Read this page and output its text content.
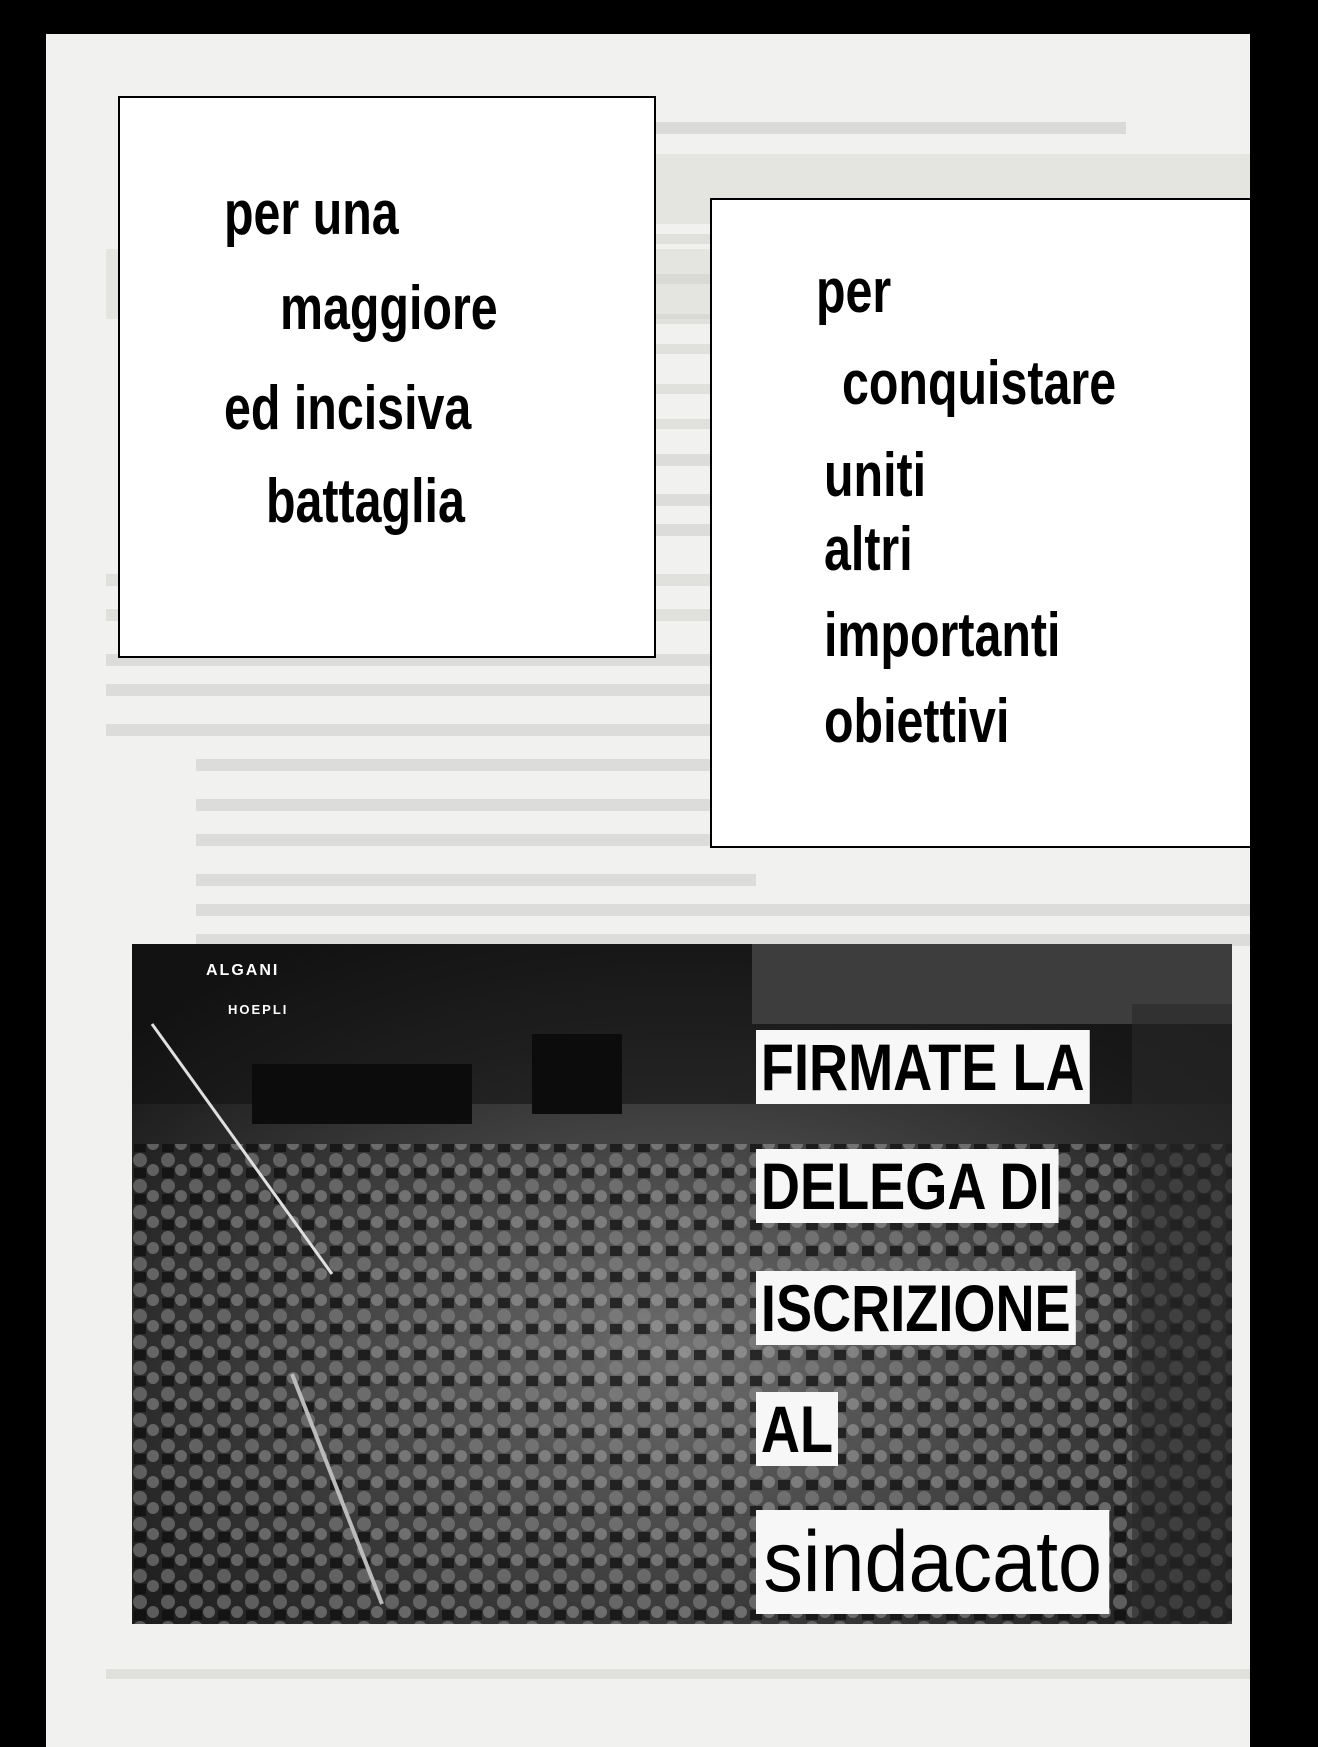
per una
maggiore
ed incisiva
battaglia
per
conquistare
uniti
altri
importanti
obiettivi
ALGANI
HOEPLI
FIRMATE LA
DELEGA DI
ISCRIZIONE
AL
sindacato
